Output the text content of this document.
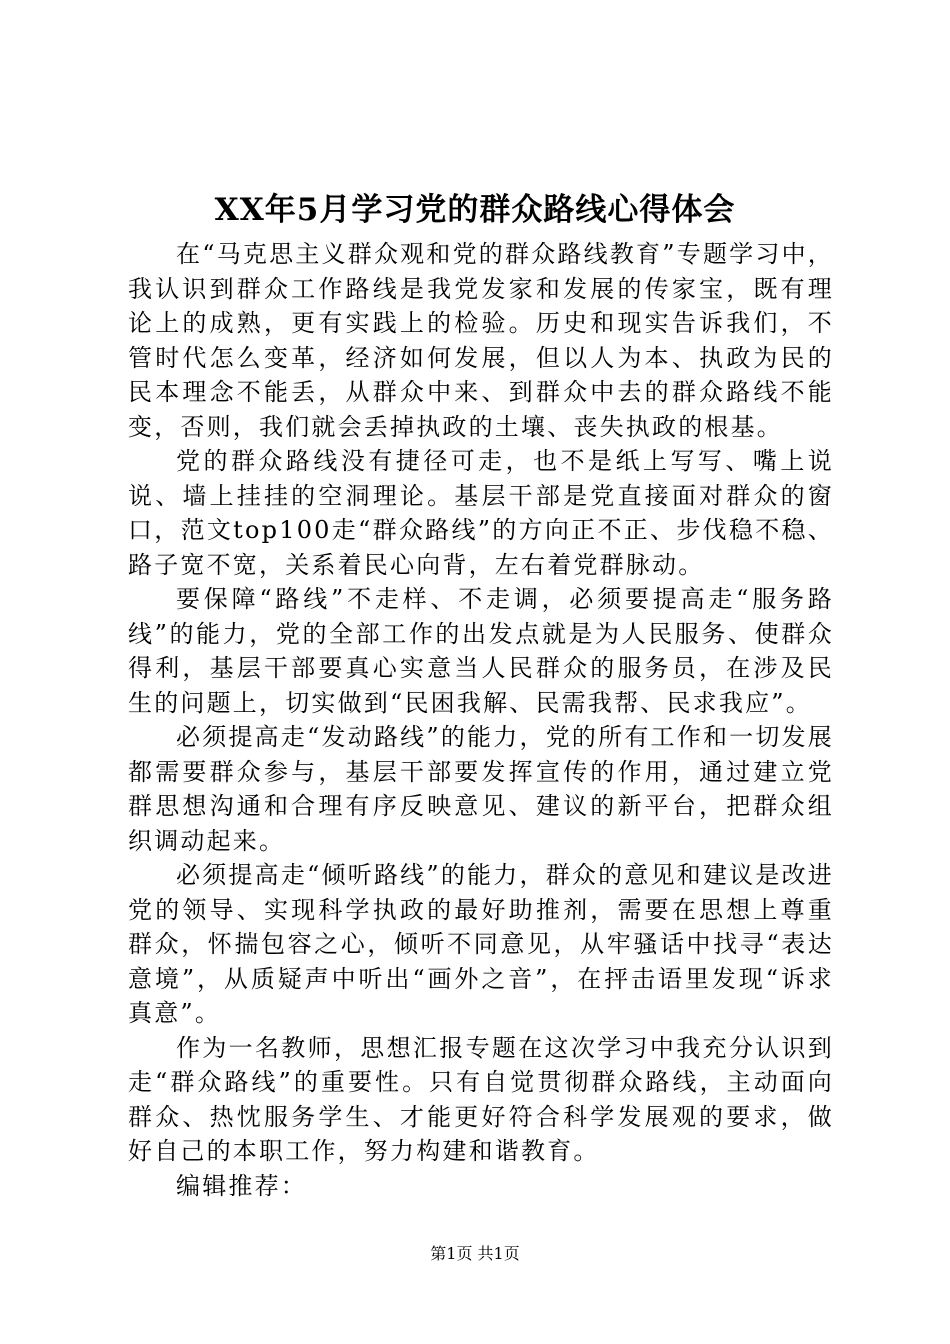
XX年5月学习党的群众路线心得体会

在“马克思主义群众观和党的群众路线教育”专题学习中，我认识到群众工作路线是我党发家和发展的传家宝，既有理论上的成熟，更有实践上的检验。历史和现实告诉我们，不管时代怎么变革，经济如何发展，但以人为本、执政为民的民本理念不能丢，从群众中来、到群众中去的群众路线不能变，否则，我们就会丢掉执政的土壤、丧失执政的根基。

党的群众路线没有捷径可走，也不是纸上写写、嘴上说说、墙上挂挂的空洞理论。基层干部是党直接面对群众的窗口，范文top100走“群众路线”的方向正不正、步伐稳不稳、路子宽不宽，关系着民心向背，左右着党群脉动。

要保障“路线”不走样、不走调，必须要提高走“服务路线”的能力，党的全部工作的出发点就是为人民服务、使群众得利，基层干部要真心实意当人民群众的服务员，在涉及民生的问题上，切实做到“民困我解、民需我帮、民求我应”。

必须提高走“发动路线”的能力，党的所有工作和一切发展都需要群众参与，基层干部要发挥宣传的作用，通过建立党群思想沟通和合理有序反映意见、建议的新平台，把群众组织调动起来。

必须提高走“倾听路线”的能力，群众的意见和建议是改进党的领导、实现科学执政的最好助推剂，需要在思想上尊重群众，怀揣包容之心，倾听不同意见，从牢骚话中找寻“表达意境”，从质疑声中听出“画外之音”，在抨击语里发现“诉求真意”。

作为一名教师，思想汇报专题在这次学习中我充分认识到走“群众路线”的重要性。只有自觉贯彻群众路线，主动面向群众、热忱服务学生、才能更好符合科学发展观的要求，做好自己的本职工作，努力构建和谐教育。

编辑推荐：

第1页 共1页
